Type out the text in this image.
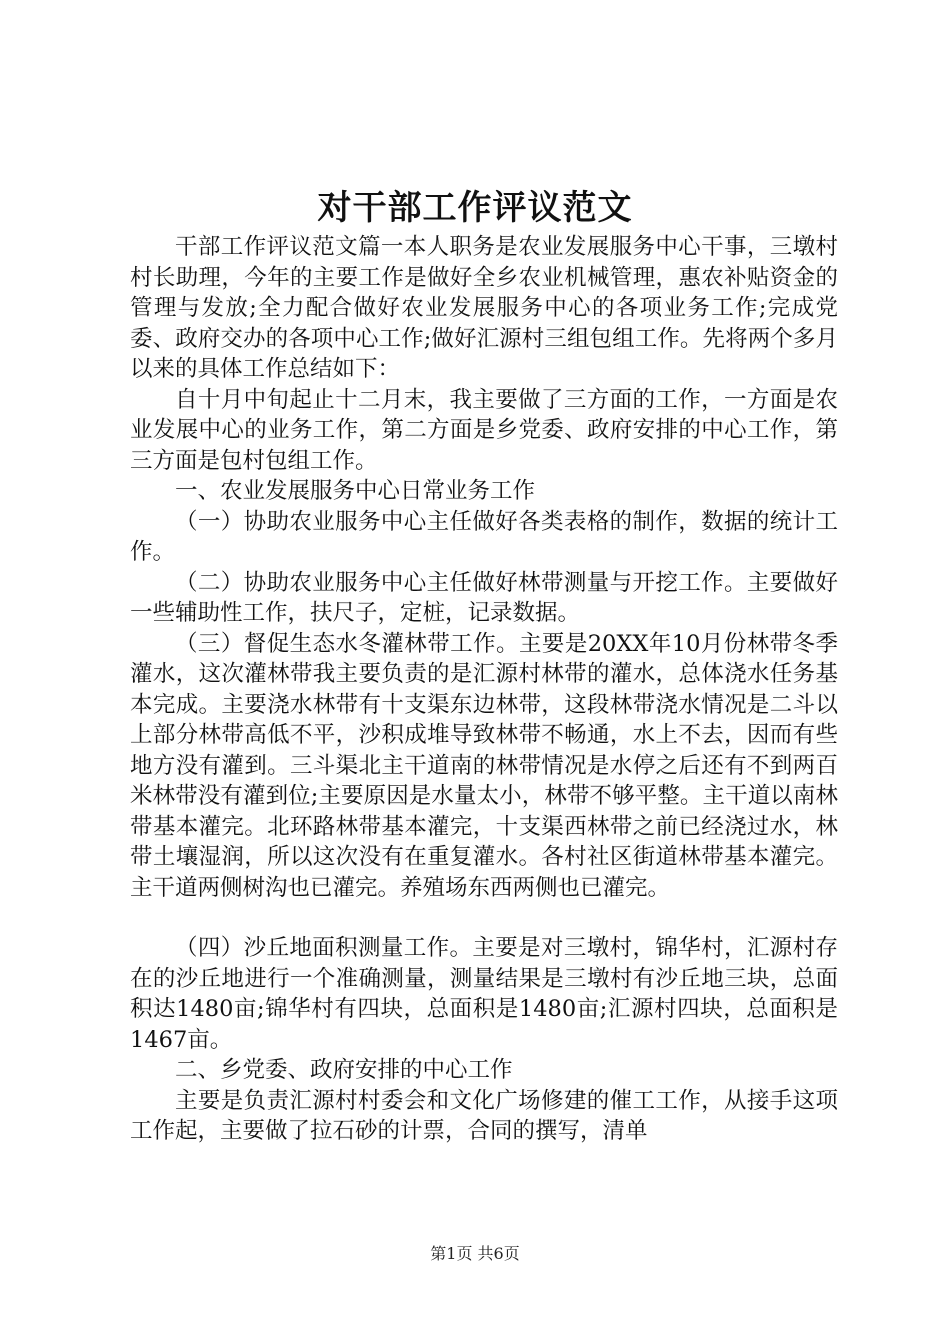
对干部工作评议范文

干部工作评议范文篇一本人职务是农业发展服务中心干事，三墩村村长助理，今年的主要工作是做好全乡农业机械管理，惠农补贴资金的管理与发放;全力配合做好农业发展服务中心的各项业务工作;完成党委、政府交办的各项中心工作;做好汇源村三组包组工作。先将两个多月以来的具体工作总结如下：

自十月中旬起止十二月末，我主要做了三方面的工作，一方面是农业发展中心的业务工作，第二方面是乡党委、政府安排的中心工作，第三方面是包村包组工作。

一、农业发展服务中心日常业务工作

（一）协助农业服务中心主任做好各类表格的制作，数据的统计工作。

（二）协助农业服务中心主任做好林带测量与开挖工作。主要做好一些辅助性工作，扶尺子，定桩，记录数据。

（三）督促生态水冬灌林带工作。主要是20XX年10月份林带冬季灌水，这次灌林带我主要负责的是汇源村林带的灌水，总体浇水任务基本完成。主要浇水林带有十支渠东边林带，这段林带浇水情况是二斗以上部分林带高低不平，沙积成堆导致林带不畅通，水上不去，因而有些地方没有灌到。三斗渠北主干道南的林带情况是水停之后还有不到两百米林带没有灌到位;主要原因是水量太小，林带不够平整。主干道以南林带基本灌完。北环路林带基本灌完，十支渠西林带之前已经浇过水，林带土壤湿润，所以这次没有在重复灌水。各村社区街道林带基本灌完。主干道两侧树沟也已灌完。养殖场东西两侧也已灌完。

（四）沙丘地面积测量工作。主要是对三墩村，锦华村，汇源村存在的沙丘地进行一个准确测量，测量结果是三墩村有沙丘地三块，总面积达1480亩;锦华村有四块，总面积是1480亩;汇源村四块，总面积是1467亩。

二、乡党委、政府安排的中心工作

主要是负责汇源村村委会和文化广场修建的催工工作，从接手这项工作起，主要做了拉石砂的计票，合同的撰写，清单

第1页 共6页
